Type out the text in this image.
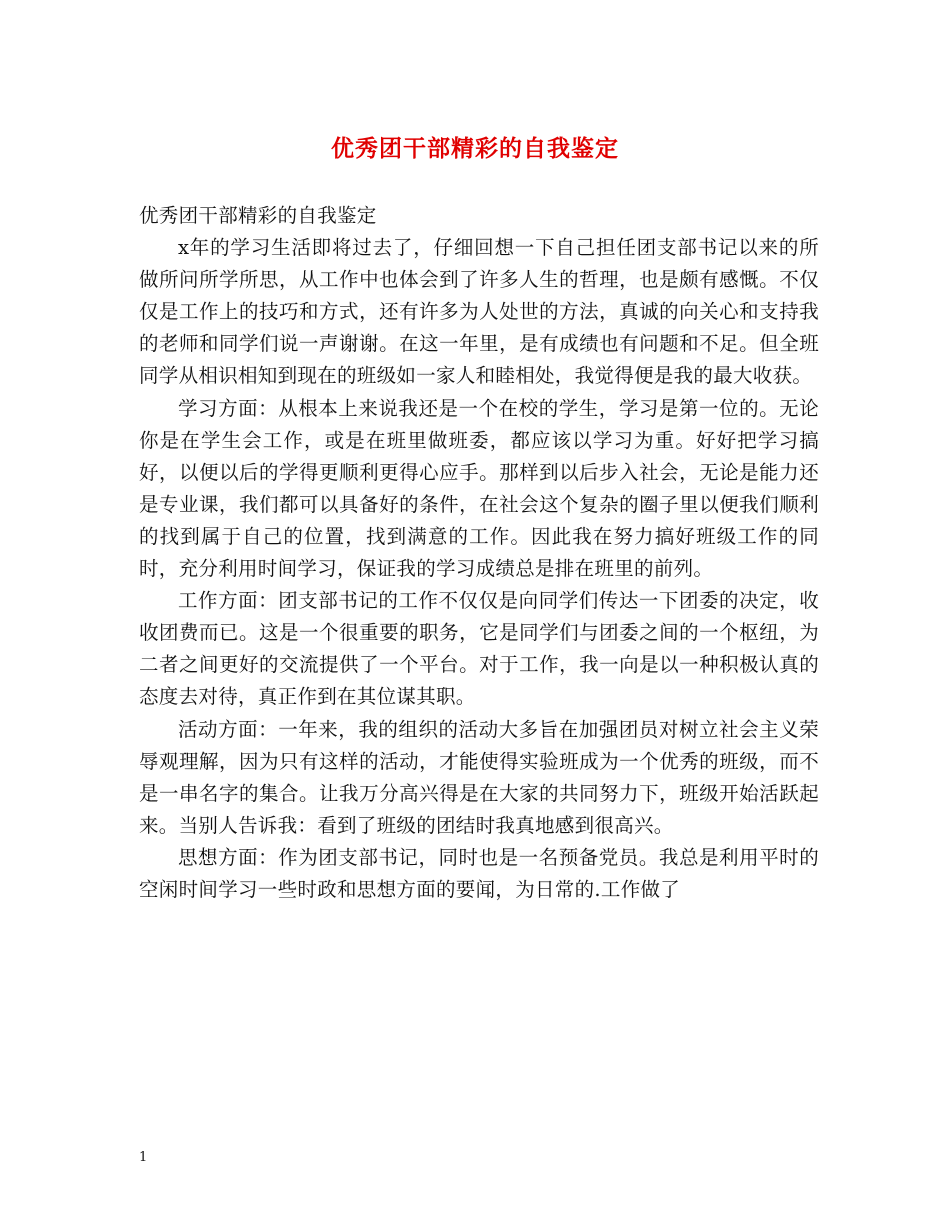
优秀团干部精彩的自我鉴定

优秀团干部精彩的自我鉴定

x年的学习生活即将过去了，仔细回想一下自己担任团支部书记以来的所做所问所学所思，从工作中也体会到了许多人生的哲理，也是颇有感慨。不仅仅是工作上的技巧和方式，还有许多为人处世的方法，真诚的向关心和支持我的老师和同学们说一声谢谢。在这一年里，是有成绩也有问题和不足。但全班同学从相识相知到现在的班级如一家人和睦相处，我觉得便是我的最大收获。

学习方面：从根本上来说我还是一个在校的学生，学习是第一位的。无论你是在学生会工作，或是在班里做班委，都应该以学习为重。好好把学习搞好，以便以后的学得更顺利更得心应手。那样到以后步入社会，无论是能力还是专业课，我们都可以具备好的条件，在社会这个复杂的圈子里以便我们顺利的找到属于自己的位置，找到满意的工作。因此我在努力搞好班级工作的同时，充分利用时间学习，保证我的学习成绩总是排在班里的前列。

工作方面：团支部书记的工作不仅仅是向同学们传达一下团委的决定，收收团费而已。这是一个很重要的职务，它是同学们与团委之间的一个枢纽，为二者之间更好的交流提供了一个平台。对于工作，我一向是以一种积极认真的态度去对待，真正作到在其位谋其职。

活动方面：一年来，我的组织的活动大多旨在加强团员对树立社会主义荣辱观理解，因为只有这样的活动，才能使得实验班成为一个优秀的班级，而不是一串名字的集合。让我万分高兴得是在大家的共同努力下，班级开始活跃起来。当别人告诉我：看到了班级的团结时我真地感到很高兴。

思想方面：作为团支部书记，同时也是一名预备党员。我总是利用平时的空闲时间学习一些时政和思想方面的要闻，为日常的.工作做了

1
